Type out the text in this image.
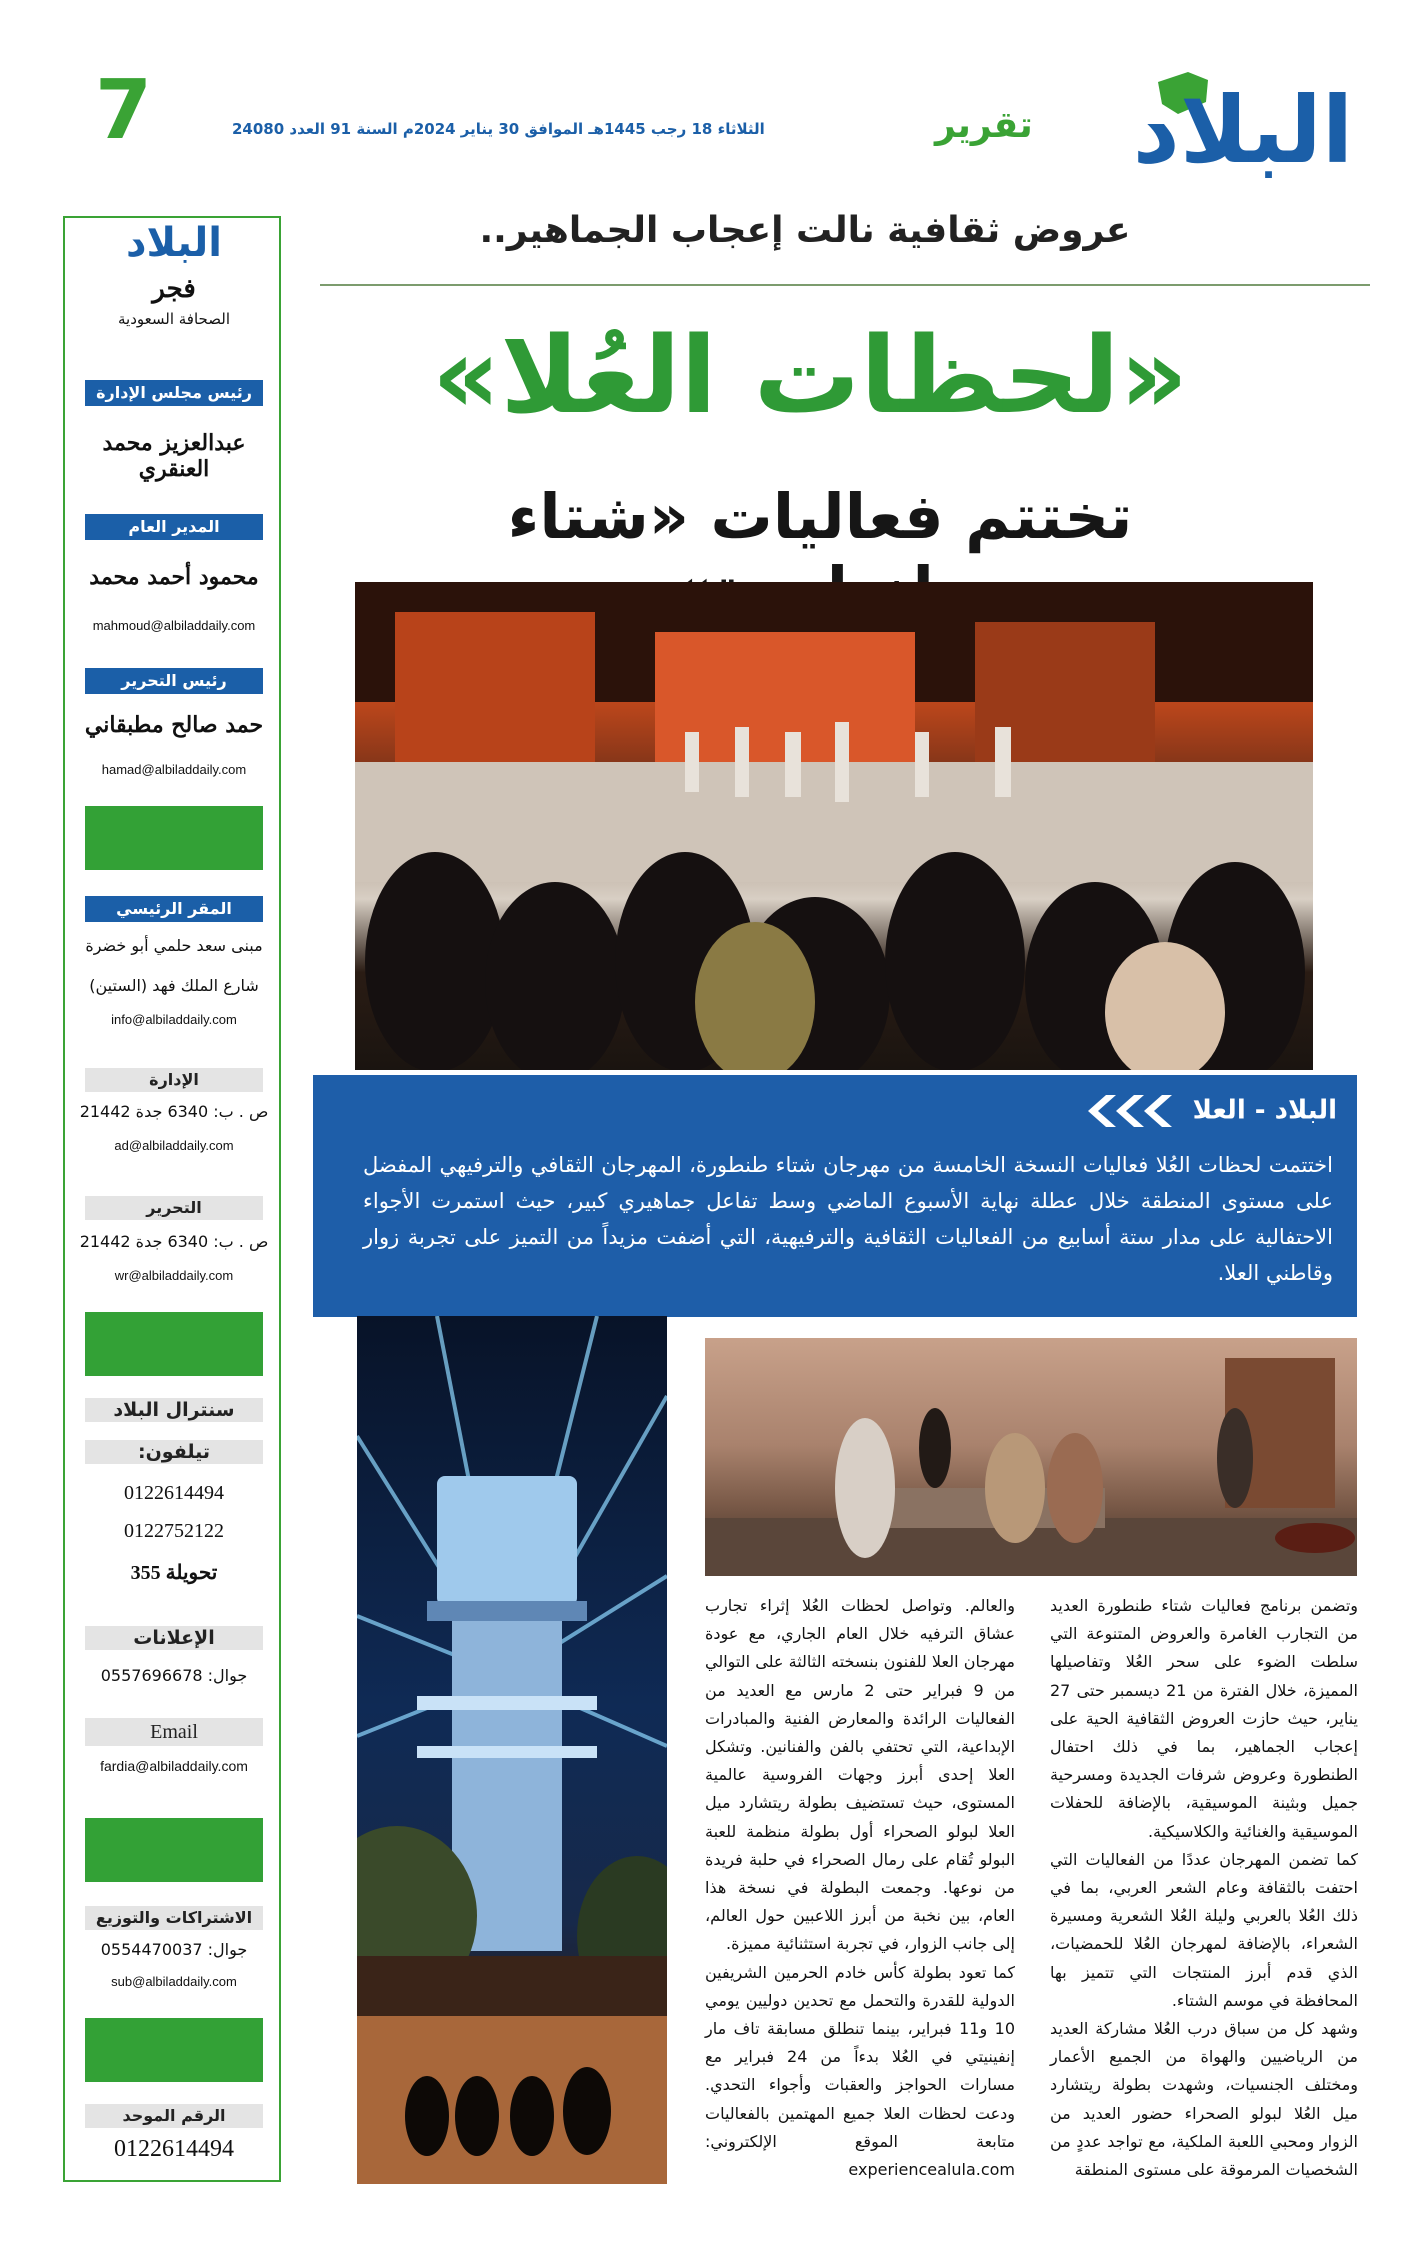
7	الثلاثاء 18 رجب 1445هـ الموافق 30 يناير 2024م السنة 91 العدد 24080	تقرير البلاد
عروض ثقافية نالت إعجاب الجماهير..
«لحظات العُلا»
تختتم فعاليات «شتاء
البلاد - العلا
اختتمت لحظات العُلا فعاليات النسخة الخامسة من مهرجان شتاء طنطورة، المهرجان الثقافي والترفيهي المفضل على مستوى المنطقة خلال عطلة نهاية الأسبوع الماضي وسط تفاعل جماهيري كبير، حيث استمرت الأجواء الاحتفالية على مدار ستة أسابيع من الفعاليات الثقافية والترفيهية، التي أضفت مزيداً من التميز على تجربة زوار وقاطني العلا.

وتضمن برنامج فعاليات شتاء طنطورة العديد من التجارب الغامرة والعروض المتنوعة التي سلطت الضوء على سحر العُلا وتفاصيلها المميزة، خلال الفترة من 21 ديسمبر حتى 27 يناير، حيث حازت العروض الثقافية الحية على إعجاب الجماهير، بما في ذلك احتفال الطنطورة وعروض شرفات الجديدة ومسرحية جميل وبثينة الموسيقية، بالإضافة للحفلات الموسيقية والغنائية والكلاسيكية.

كما تضمن المهرجان عددًا من الفعاليات التي احتفت بالثقافة وعام الشعر العربي، بما في ذلك العُلا بالعربي وليلة العُلا الشعرية ومسيرة الشعراء، بالإضافة لمهرجان العُلا للحمضيات، الذي قدم أبرز المنتجات التي تتميز بها المحافظة في موسم الشتاء.

وشهد كل من سباق درب العُلا مشاركة العديد من الرياضيين والهواة من الجميع الأعمار ومختلف الجنسيات، وشهدت بطولة ريتشارد ميل العُلا لبولو الصحراء حضور العديد من الزوار ومحبي اللعبة الملكية، مع تواجد عددٍ من الشخصيات المرموقة على مستوى المنطقة

والعالم. وتواصل لحظات العُلا إثراء تجارب عشاق الترفيه خلال العام الجاري، مع عودة مهرجان العلا للفنون بنسخته الثالثة على التوالي من 9 فبراير حتى 2 مارس مع العديد من الفعاليات الرائدة والمعارض الفنية والمبادرات الإبداعية، التي تحتفي بالفن والفنانين. وتشكل العلا إحدى أبرز وجهات الفروسية عالمية المستوى، حيث تستضيف بطولة ريتشارد ميل العلا لبولو الصحراء أول بطولة منظمة للعبة البولو تُقام على رمال الصحراء في حلبة فريدة من نوعها. وجمعت البطولة في نسخة هذا العام، بين نخبة من أبرز اللاعبين حول العالم، إلى جانب الزوار، في تجربة استثنائية مميزة.

كما تعود بطولة كأس خادم الحرمين الشريفين الدولية للقدرة والتحمل مع تحدين دوليين يومي 10 و11 فبراير، بينما تنطلق مسابقة تاف مار إنفينيتي في العُلا بدءاً من 24 فبراير مع مسارات الحواجز والعقبات وأجواء التحدي. ودعت لحظات العلا جميع المهتمين بالفعاليات متابعة الموقع الإلكتروني: experiencealula.com

البلاد
فجر
الصحافة السعودية
رئيس مجلس الإدارة
عبدالعزيز محمد العنقري
المدير العام
محمود أحمد محمد
mahmoud@albiladdaily.com
رئيس التحرير
حمد صالح مطبقاني
hamad@albiladdaily.com
المقر الرئيسي
مبنى سعد حلمي أبو خضرة
شارع الملك فهد (الستين)
info@albiladdaily.com
الإدارة
ص . ب: 6340 جدة 21442
ad@albiladdaily.com
التحرير
ص . ب: 6340 جدة 21442
wr@albiladdaily.com
سنترال البلاد
تيلفون:
0122614494
0122752122
تحويلة 355
الإعلانات
جوال: 0557696678
Email
fardia@albiladdaily.com
الاشتراكات والتوزيع
جوال: 0554470037
sub@albiladdaily.com
الرقم الموحد
0122614494
